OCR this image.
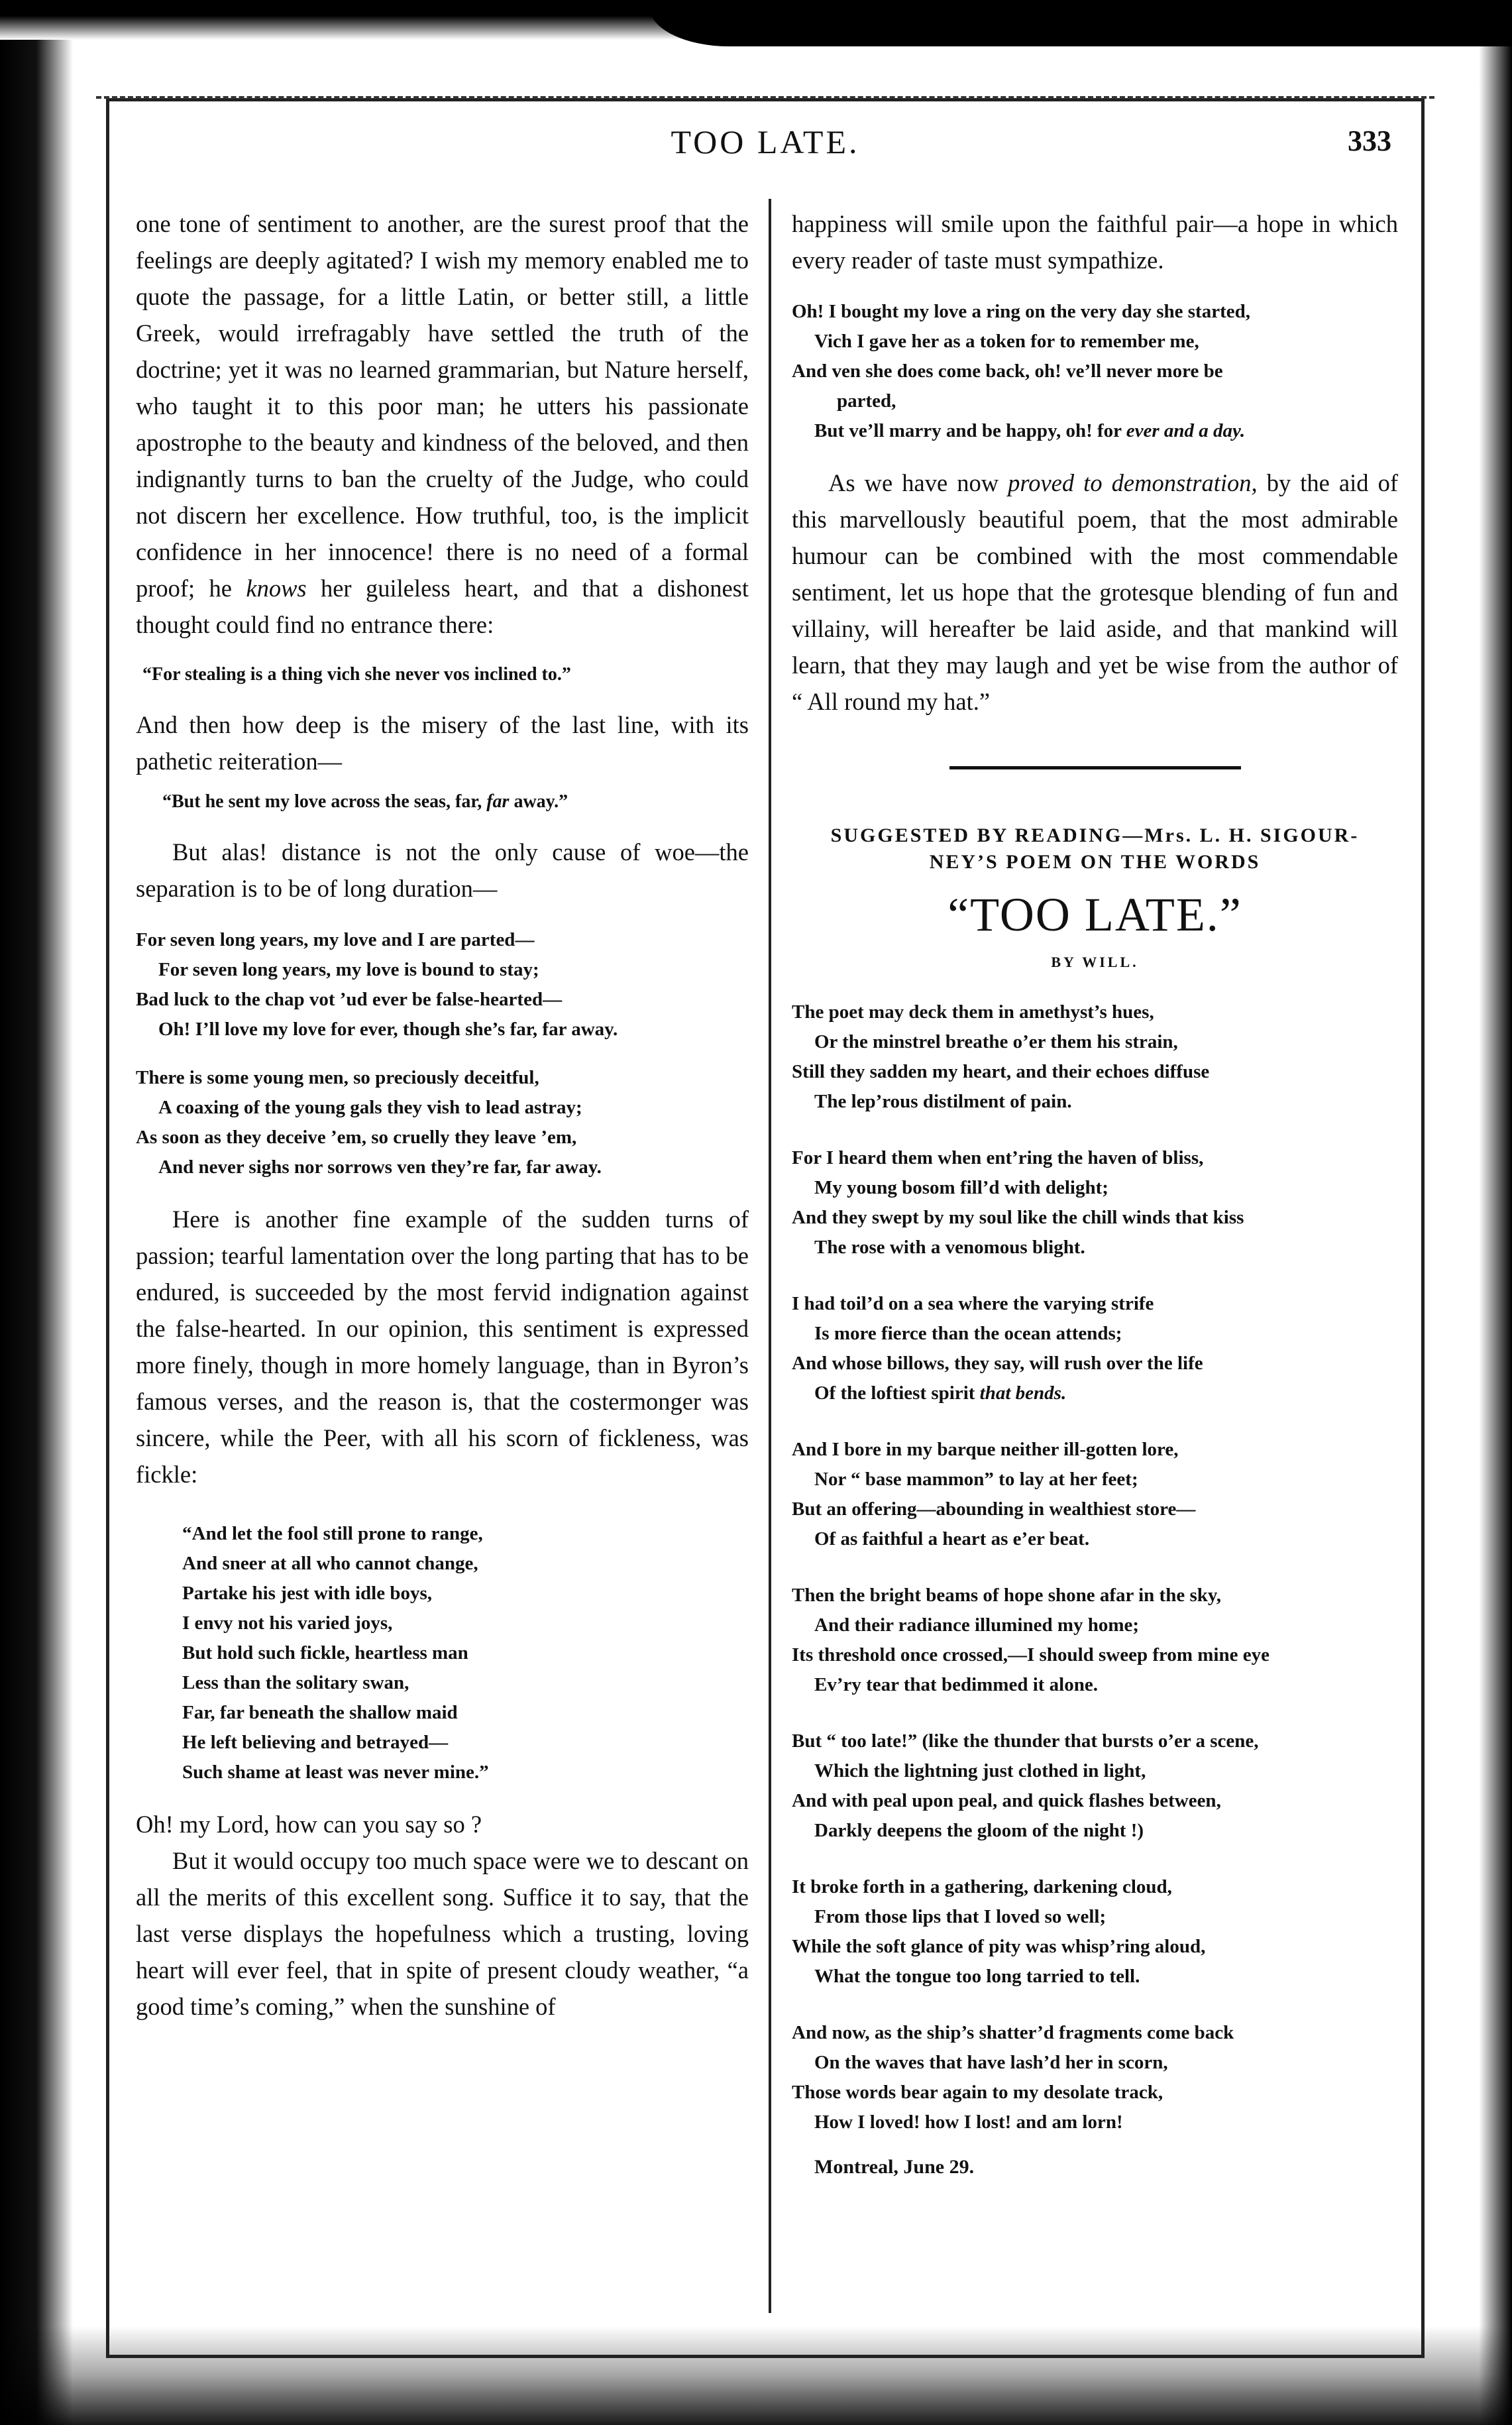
TOO LATE.	333

one tone of sentiment to another, are the surest proof that the feelings are deeply agitated? I wish my memory enabled me to quote the passage, for a little Latin, or better still, a little Greek, would irrefragably have settled the truth of the doctrine; yet it was no learned grammarian, but Nature herself, who taught it to this poor man; he utters his passionate apostrophe to the beauty and kindness of the beloved, and then indignantly turns to ban the cruelty of the Judge, who could not discern her excellence. How truthful, too, is the implicit confidence in her innocence! there is no need of a formal proof; he knows her guileless heart, and that a dishonest thought could find no entrance there:

“For stealing is a thing vich she never vos inclined to.”

And then how deep is the misery of the last line, with its pathetic reiteration—

“But he sent my love across the seas, far, far away.”

But alas! distance is not the only cause of woe—the separation is to be of long duration—

For seven long years, my love and I are parted—
For seven long years, my love is bound to stay;
Bad luck to the chap vot ’ud ever be false-hearted—
Oh! I’ll love my love for ever, though she’s far, far away.
There is some young men, so preciously deceitful,
A coaxing of the young gals they vish to lead astray;
As soon as they deceive ’em, so cruelly they leave ’em,
And never sighs nor sorrows ven they’re far, far away.

Here is another fine example of the sudden turns of passion; tearful lamentation over the long parting that has to be endured, is succeeded by the most fervid indignation against the false-hearted. In our opinion, this sentiment is expressed more finely, though in more homely language, than in Byron’s famous verses, and the reason is, that the costermonger was sincere, while the Peer, with all his scorn of fickleness, was fickle:

“And let the fool still prone to range,
And sneer at all who cannot change,
Partake his jest with idle boys,
I envy not his varied joys,
But hold such fickle, heartless man
Less than the solitary swan,
Far, far beneath the shallow maid
He left believing and betrayed—
Such shame at least was never mine.”

Oh! my Lord, how can you say so ?

But it would occupy too much space were we to descant on all the merits of this excellent song. Suffice it to say, that the last verse displays the hopefulness which a trusting, loving heart will ever feel, that in spite of present cloudy weather, “a good time’s coming,” when the sunshine of

happiness will smile upon the faithful pair—a hope in which every reader of taste must sympathize.

Oh! I bought my love a ring on the very day she started,
Vich I gave her as a token for to remember me,
And ven she does come back, oh! ve’ll never more be
parted,
But ve’ll marry and be happy, oh! for ever and a day.

As we have now proved to demonstration, by the aid of this marvellously beautiful poem, that the most admirable humour can be combined with the most commendable sentiment, let us hope that the grotesque blending of fun and villainy, will hereafter be laid aside, and that mankind will learn, that they may laugh and yet be wise from the author of “ All round my hat.”

SUGGESTED BY READING—Mrs. L. H. SIGOUR-

NEY’S POEM ON THE WORDS

“TOO LATE.”

BY WILL.

The poet may deck them in amethyst’s hues,
Or the minstrel breathe o’er them his strain,
Still they sadden my heart, and their echoes diffuse
The lep’rous distilment of pain.
For I heard them when ent’ring the haven of bliss,
My young bosom fill’d with delight;
And they swept by my soul like the chill winds that kiss
The rose with a venomous blight.
I had toil’d on a sea where the varying strife
Is more fierce than the ocean attends;
And whose billows, they say, will rush over the life
Of the loftiest spirit that bends.
And I bore in my barque neither ill-gotten lore,
Nor “ base mammon” to lay at her feet;
But an offering—abounding in wealthiest store—
Of as faithful a heart as e’er beat.
Then the bright beams of hope shone afar in the sky,
And their radiance illumined my home;
Its threshold once crossed,—I should sweep from mine eye
Ev’ry tear that bedimmed it alone.
But “ too late!” (like the thunder that bursts o’er a scene,
Which the lightning just clothed in light,
And with peal upon peal, and quick flashes between,
Darkly deepens the gloom of the night !)
It broke forth in a gathering, darkening cloud,
From those lips that I loved so well;
While the soft glance of pity was whisp’ring aloud,
What the tongue too long tarried to tell.
And now, as the ship’s shatter’d fragments come back
On the waves that have lash’d her in scorn,
Those words bear again to my desolate track,
How I loved! how I lost! and am lorn!
Montreal, June 29.
